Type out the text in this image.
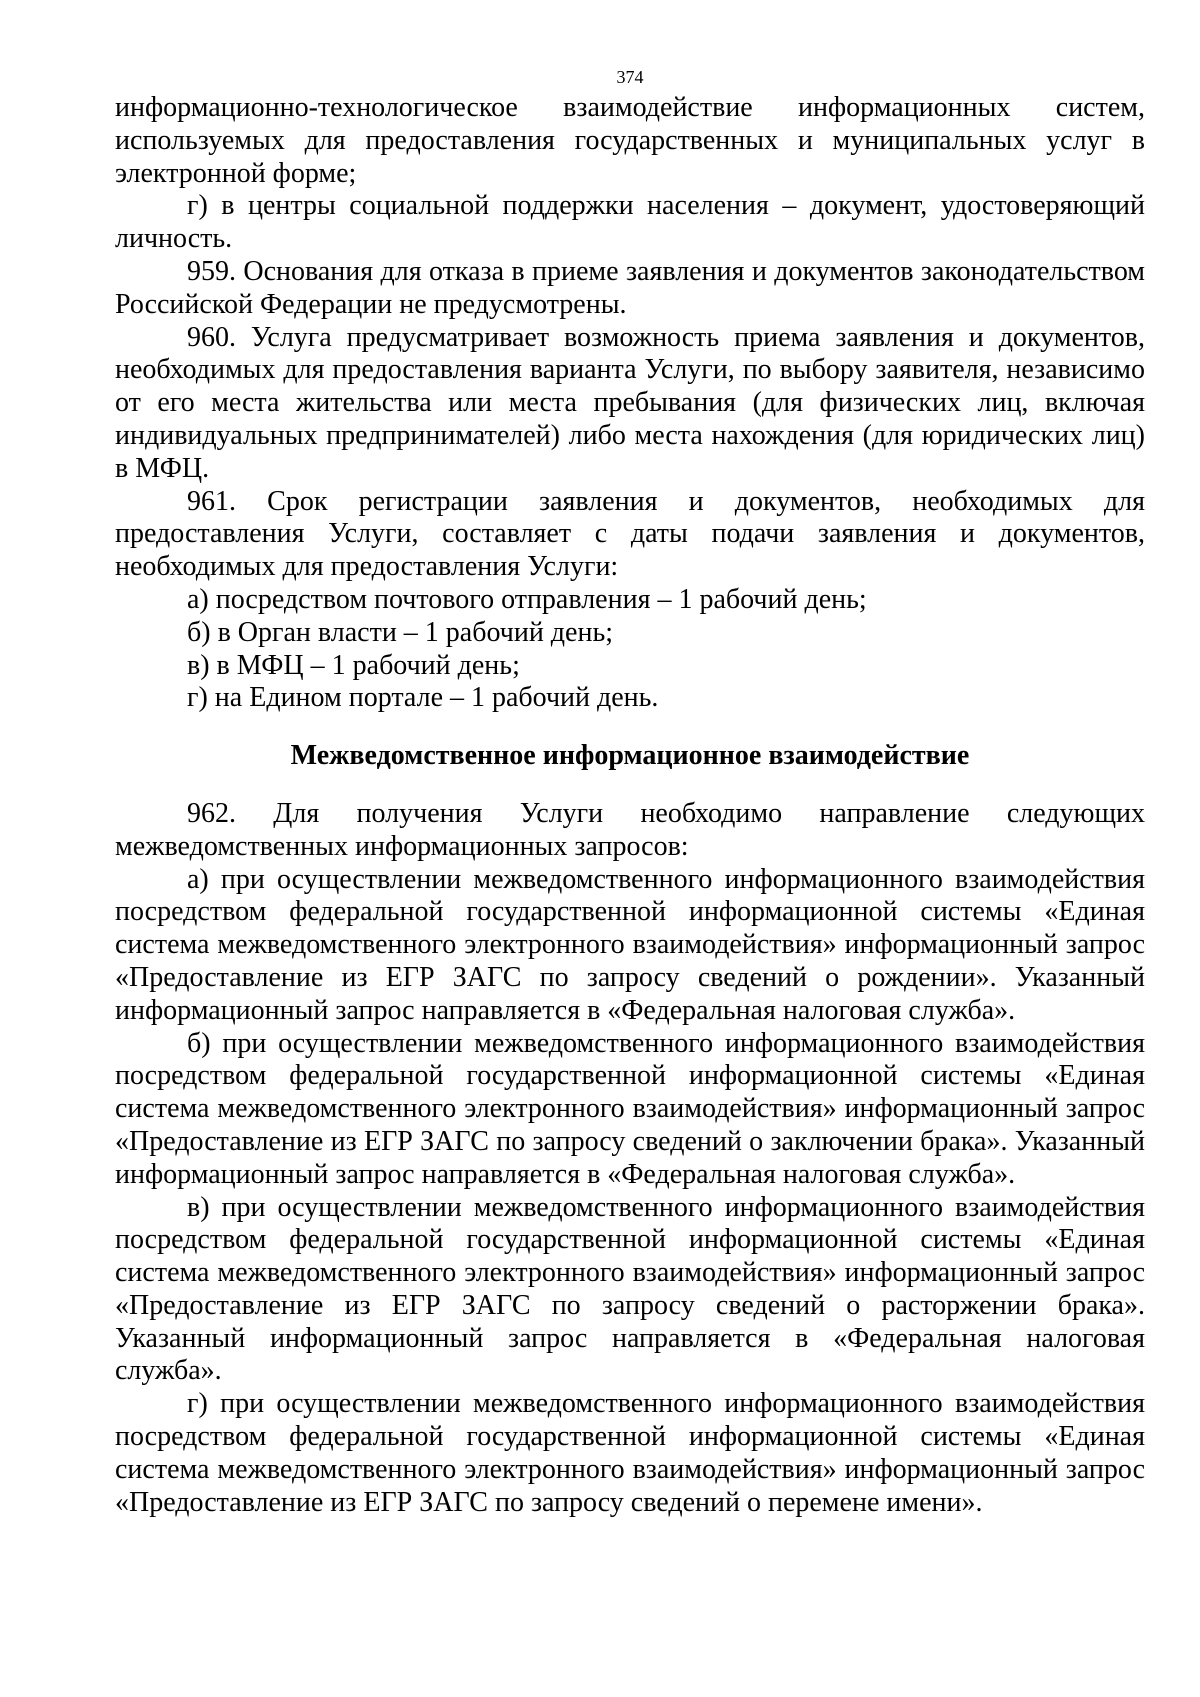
374

информационно-технологическое взаимодействие информационных систем, используемых для предоставления государственных и муниципальных услуг в электронной форме;

г) в центры социальной поддержки населения – документ, удостоверяющий личность.

959. Основания для отказа в приеме заявления и документов законодательством Российской Федерации не предусмотрены.

960. Услуга предусматривает возможность приема заявления и документов, необходимых для предоставления варианта Услуги, по выбору заявителя, независимо от его места жительства или места пребывания (для физических лиц, включая индивидуальных предпринимателей) либо места нахождения (для юридических лиц) в МФЦ.

961. Срок регистрации заявления и документов, необходимых для предоставления Услуги, составляет с даты подачи заявления и документов, необходимых для предоставления Услуги:

а) посредством почтового отправления – 1 рабочий день;

б) в Орган власти – 1 рабочий день;

в) в МФЦ – 1 рабочий день;

г) на Едином портале – 1 рабочий день.

Межведомственное информационное взаимодействие

962. Для получения Услуги необходимо направление следующих межведомственных информационных запросов:

а) при осуществлении межведомственного информационного взаимодействия посредством федеральной государственной информационной системы «Единая система межведомственного электронного взаимодействия» информационный запрос «Предоставление из ЕГР ЗАГС по запросу сведений о рождении». Указанный информационный запрос направляется в «Федеральная налоговая служба».

б) при осуществлении межведомственного информационного взаимодействия посредством федеральной государственной информационной системы «Единая система межведомственного электронного взаимодействия» информационный запрос «Предоставление из ЕГР ЗАГС по запросу сведений о заключении брака». Указанный информационный запрос направляется в «Федеральная налоговая служба».

в) при осуществлении межведомственного информационного взаимодействия посредством федеральной государственной информационной системы «Единая система межведомственного электронного взаимодействия» информационный запрос «Предоставление из ЕГР ЗАГС по запросу сведений о расторжении брака». Указанный информационный запрос направляется в «Федеральная налоговая служба».

г) при осуществлении межведомственного информационного взаимодействия посредством федеральной государственной информационной системы «Единая система межведомственного электронного взаимодействия» информационный запрос «Предоставление из ЕГР ЗАГС по запросу сведений о перемене имени».
